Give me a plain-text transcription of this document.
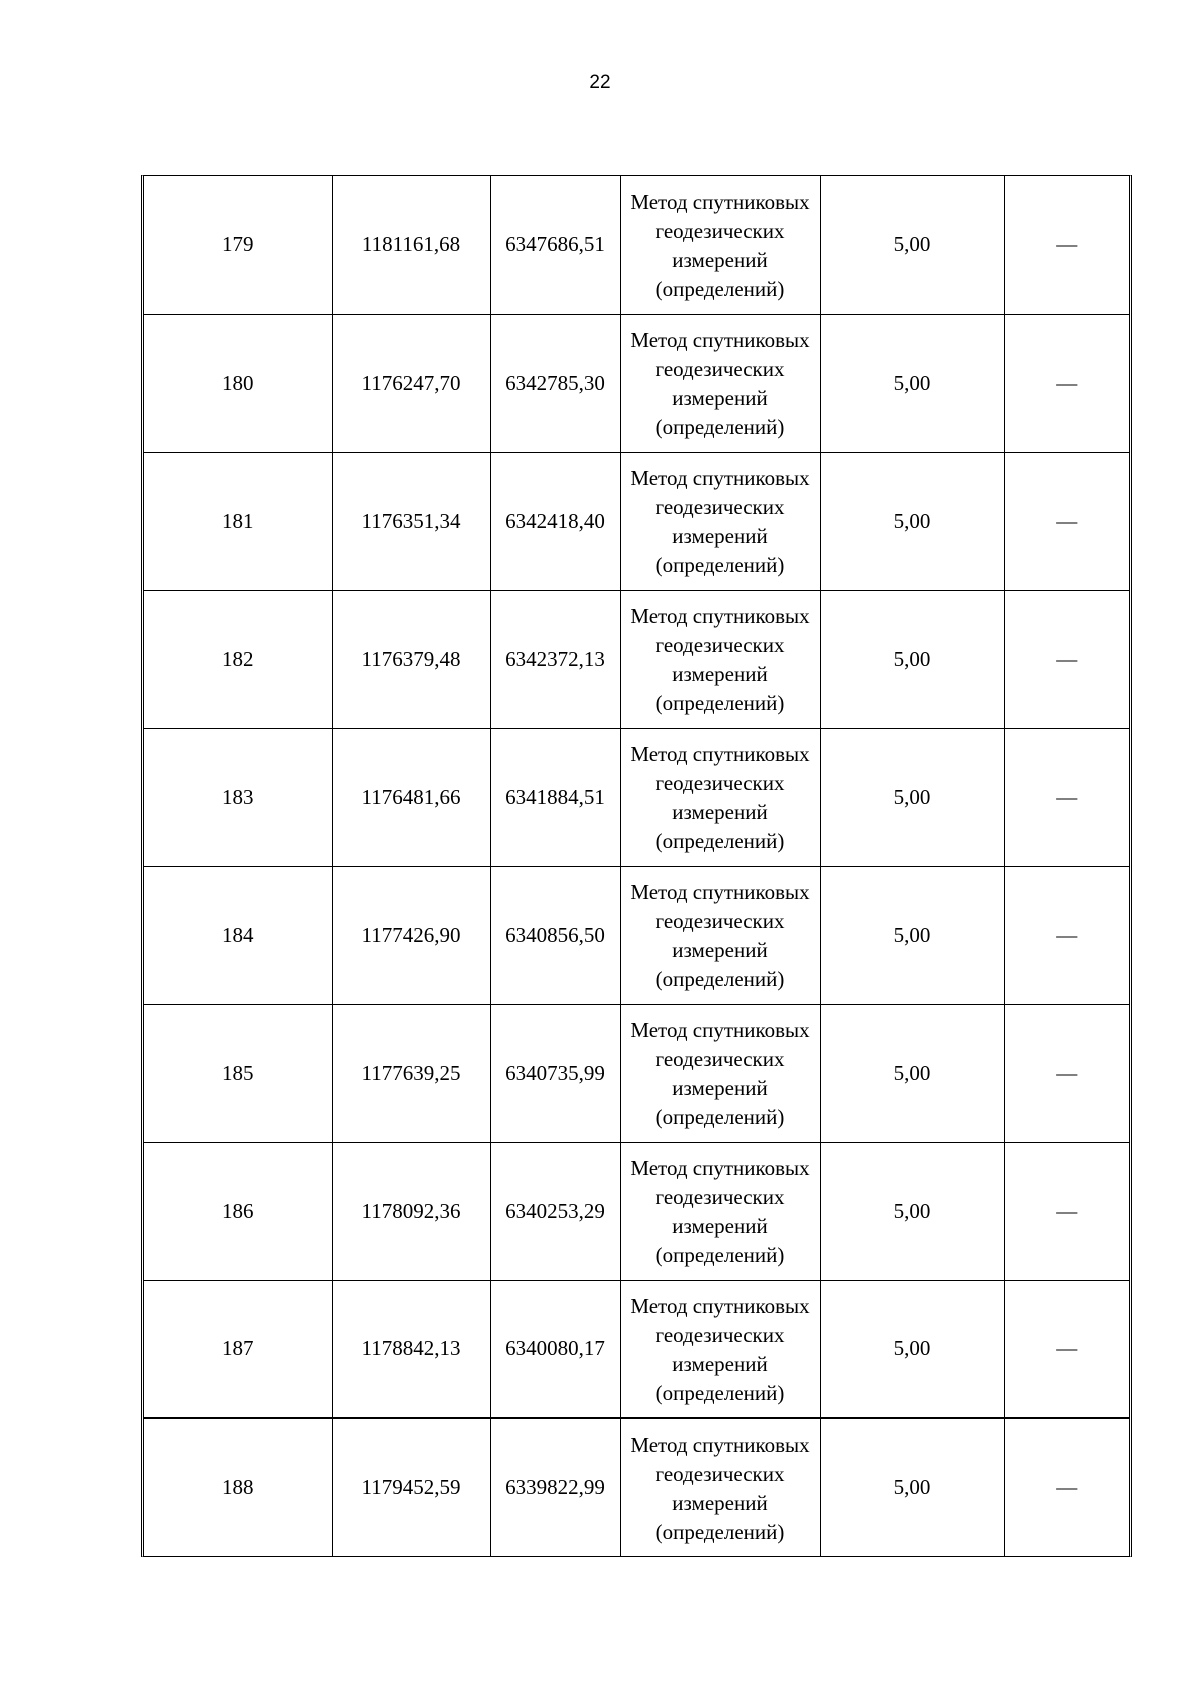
22
179	1181161,68	6347686,51	Метод спутниковых
геодезических
измерений
(определений)	5,00	—
180	1176247,70	6342785,30	Метод спутниковых
геодезических
измерений
(определений)	5,00	—
181	1176351,34	6342418,40	Метод спутниковых
геодезических
измерений
(определений)	5,00	—
182	1176379,48	6342372,13	Метод спутниковых
геодезических
измерений
(определений)	5,00	—
183	1176481,66	6341884,51	Метод спутниковых
геодезических
измерений
(определений)	5,00	—
184	1177426,90	6340856,50	Метод спутниковых
геодезических
измерений
(определений)	5,00	—
185	1177639,25	6340735,99	Метод спутниковых
геодезических
измерений
(определений)	5,00	—
186	1178092,36	6340253,29	Метод спутниковых
геодезических
измерений
(определений)	5,00	—
187	1178842,13	6340080,17	Метод спутниковых
геодезических
измерений
(определений)	5,00	—
188	1179452,59	6339822,99	Метод спутниковых
геодезических
измерений
(определений)	5,00	—
